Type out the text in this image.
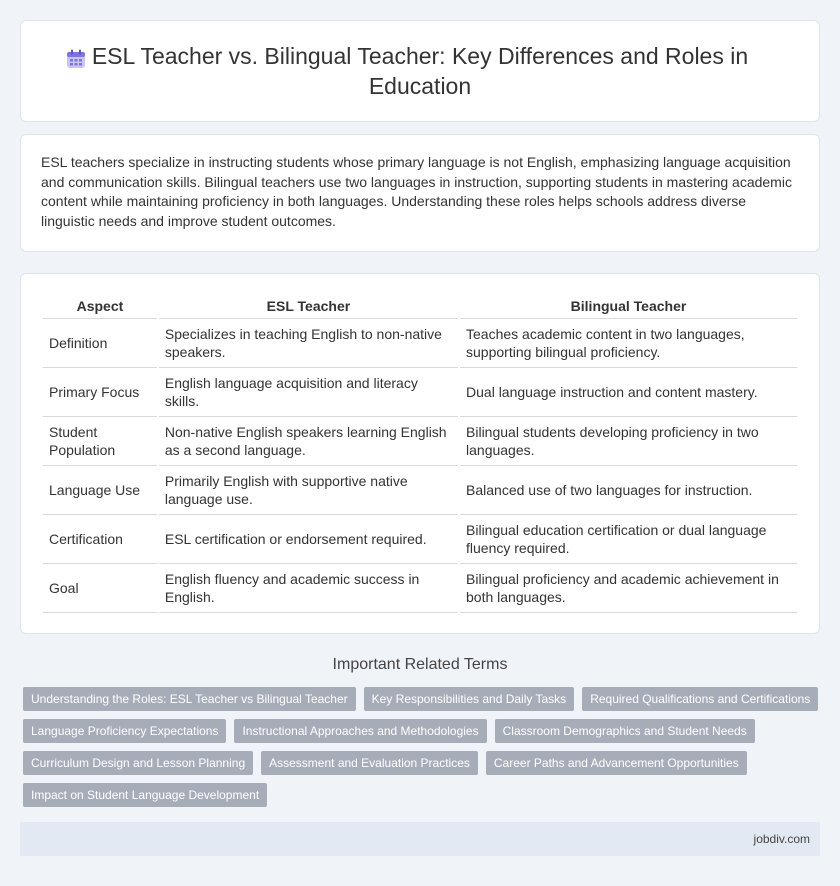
ESL Teacher vs. Bilingual Teacher: Key Differences and Roles in Education

ESL teachers specialize in instructing students whose primary language is not English, emphasizing language acquisition and communication skills. Bilingual teachers use two languages in instruction, supporting students in mastering academic content while maintaining proficiency in both languages. Understanding these roles helps schools address diverse linguistic needs and improve student outcomes.

Aspect	ESL Teacher	Bilingual Teacher
Definition	Specializes in teaching English to non-native speakers.	Teaches academic content in two languages, supporting bilingual proficiency.
Primary Focus	English language acquisition and literacy skills.	Dual language instruction and content mastery.
Student Population	Non-native English speakers learning English as a second language.	Bilingual students developing proficiency in two languages.
Language Use	Primarily English with supportive native language use.	Balanced use of two languages for instruction.
Certification	ESL certification or endorsement required.	Bilingual education certification or dual language fluency required.
Goal	English fluency and academic success in English.	Bilingual proficiency and academic achievement in both languages.
Important Related Terms
Understanding the Roles: ESL Teacher vs Bilingual Teacher	Key Responsibilities and Daily Tasks	Required Qualifications and Certifications
Language Proficiency Expectations	Instructional Approaches and Methodologies	Classroom Demographics and Student Needs
Curriculum Design and Lesson Planning	Assessment and Evaluation Practices	Career Paths and Advancement Opportunities
Impact on Student Language Development
jobdiv.com
